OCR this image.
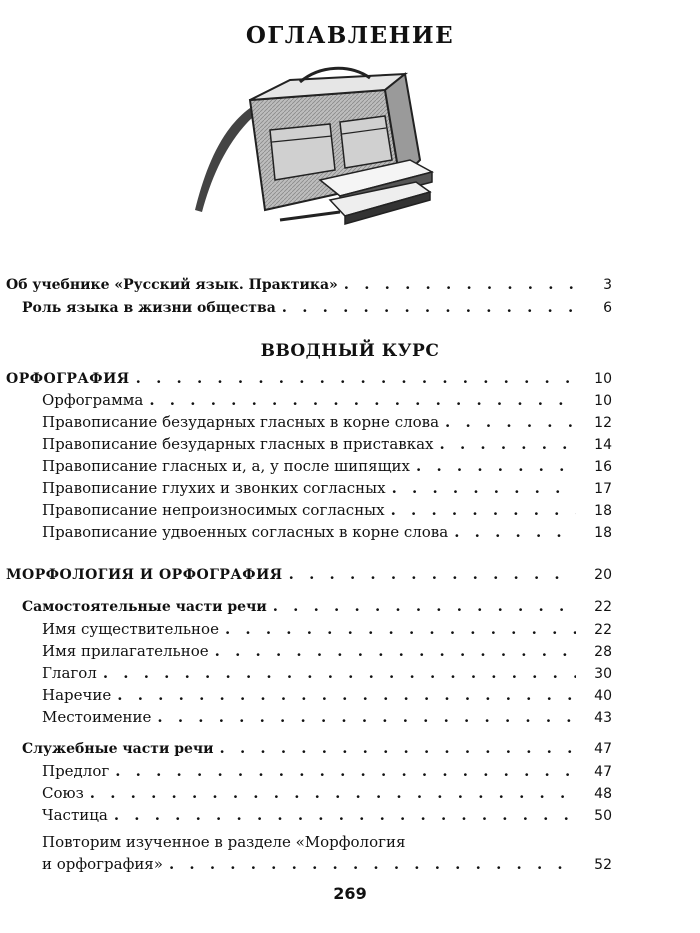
ОГЛАВЛЕНИЕ
Об учебнике «Русский язык. Практика» . . .	3
Роль языка в жизни общества . . .	6
ВВОДНЫЙ КУРС
ОРФОГРАФИЯ . . .	10
Орфограмма . . .	10
Правописание безударных гласных в корне слова . . .	12
Правописание безударных гласных в приставках . . .	14
Правописание гласных и, а, у после шипящих . . .	16
Правописание глухих и звонких согласных . . .	17
Правописание непроизносимых согласных . . .	18
Правописание удвоенных согласных в корне слова . . .	18
МОРФОЛОГИЯ И ОРФОГРАФИЯ . . .	20
Самостоятельные части речи . . .	22
Имя существительное . . .	22
Имя прилагательное . . .	28
Глагол . . .	30
Наречие . . .	40
Местоимение . . .	43
Служебные части речи . . .	47
Предлог . . .	47
Союз . . .	48
Частица . . .	50
Повторим изученное в разделе «Морфология
и орфография» . . .	52
269
